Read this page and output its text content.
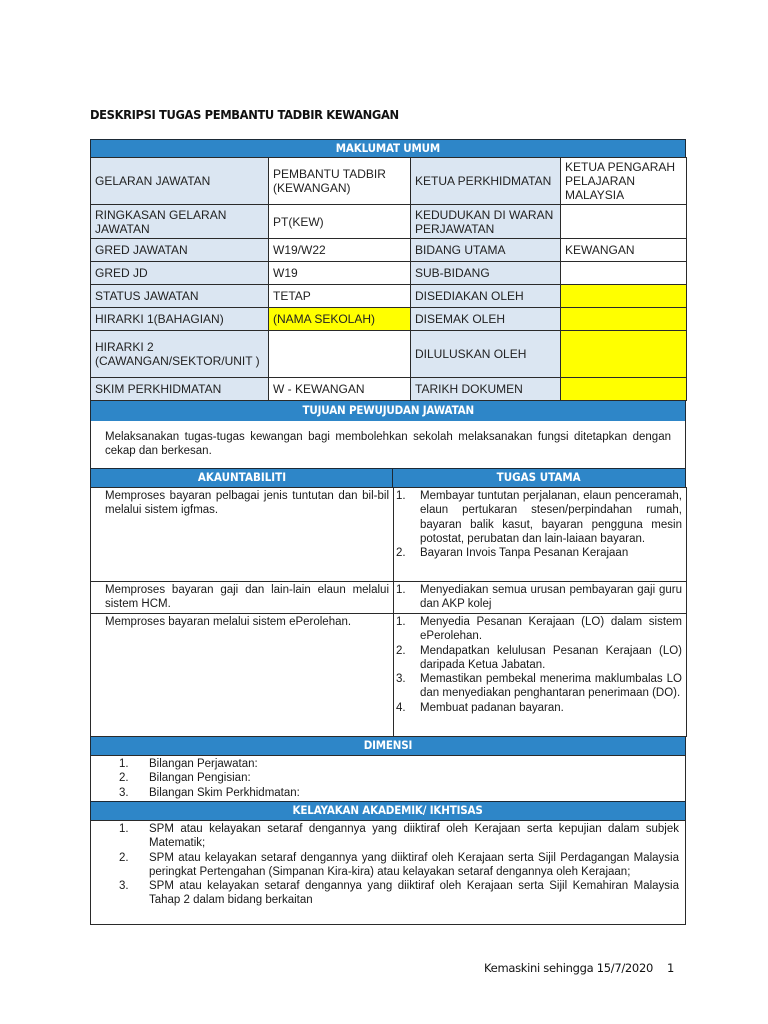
DESKRIPSI TUGAS PEMBANTU TADBIR KEWANGAN
MAKLUMAT UMUM
GELARAN JAWATAN	PEMBANTU TADBIR (KEWANGAN)	KETUA PERKHIDMATAN	KETUA PENGARAH PELAJARAN MALAYSIA
RINGKASAN GELARAN JAWATAN	PT(KEW)	KEDUDUKAN DI WARAN PERJAWATAN	
GRED JAWATAN	W19/W22	BIDANG UTAMA	KEWANGAN
GRED JD	W19	SUB-BIDANG	
STATUS JAWATAN	TETAP	DISEDIAKAN OLEH	
HIRARKI 1(BAHAGIAN)	(NAMA SEKOLAH)	DISEMAK OLEH	
HIRARKI 2 (CAWANGAN/SEKTOR/UNIT )		DILULUSKAN OLEH	
SKIM PERKHIDMATAN	W - KEWANGAN	TARIKH DOKUMEN	
TUJUAN PEWUJUDAN JAWATAN

Melaksanakan tugas-tugas kewangan bagi membolehkan sekolah melaksanakan fungsi ditetapkan dengan cekap dan berkesan.

AKAUNTABILITI	TUGAS UTAMA
Memproses bayaran pelbagai jenis tuntutan dan bil-bil melalui sistem igfmas.	
1.	Membayar tuntutan perjalanan, elaun penceramah, elaun pertukaran stesen/perpindahan rumah, bayaran balik kasut, bayaran pengguna mesin potostat, perubatan dan lain-laiaan bayaran.
2.	Bayaran Invois Tanpa Pesanan Kerajaan

Memproses bayaran gaji dan lain-lain elaun melalui sistem HCM.	
1.	Menyediakan semua urusan pembayaran gaji guru dan AKP kolej

Memproses bayaran melalui sistem ePerolehan.	1.	Menyedia Pesanan Kerajaan (LO) dalam sistem ePerolehan.
2.	Mendapatkan kelulusan Pesanan Kerajaan (LO) daripada Ketua Jabatan.
3.	Memastikan pembekal menerima maklumbalas LO dan menyediakan penghantaran penerimaan (DO).
4.	Membuat padanan bayaran.
DIMENSI
1.	Bilangan Perjawatan:
2.	Bilangan Pengisian:
3.	Bilangan Skim Perkhidmatan:
KELAYAKAN AKADEMIK/ IKHTISAS
1.	SPM atau kelayakan setaraf dengannya yang diiktiraf oleh Kerajaan serta kepujian dalam subjek Matematik;
2.	SPM atau kelayakan setaraf dengannya yang diiktiraf oleh Kerajaan serta Sijil Perdagangan Malaysia peringkat Pertengahan (Simpanan Kira-kira) atau kelayakan setaraf dengannya oleh Kerajaan;
3.	SPM atau kelayakan setaraf dengannya yang diiktiraf oleh Kerajaan serta Sijil Kemahiran Malaysia Tahap 2 dalam bidang berkaitan
Kemaskini sehingga 15/7/2020 1
